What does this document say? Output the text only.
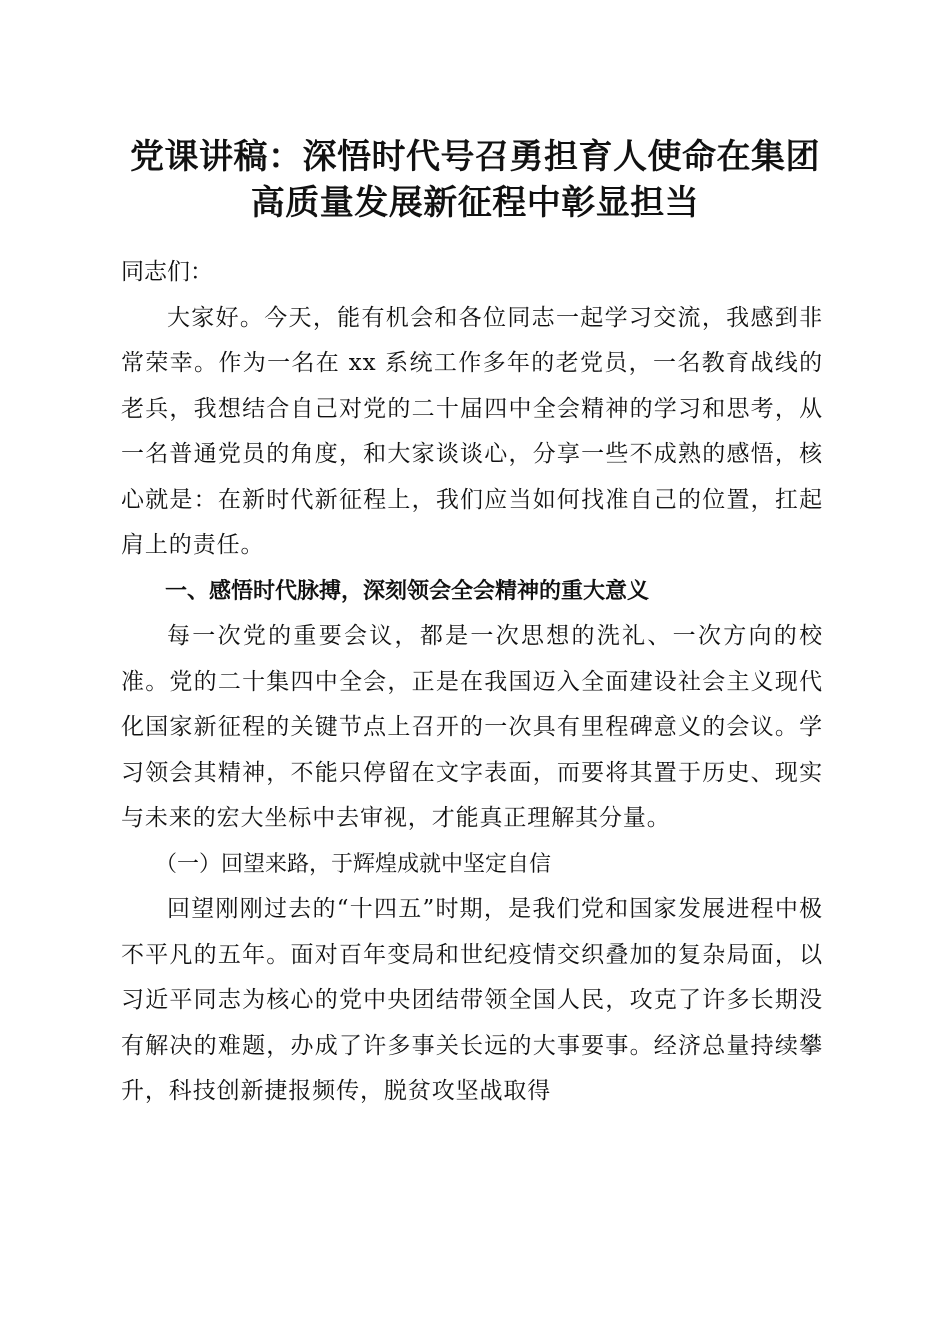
党课讲稿：深悟时代号召勇担育人使命在集团
高质量发展新征程中彰显担当
同志们：

大家好。今天，能有机会和各位同志一起学习交流，我感到非常荣幸。作为一名在 xx 系统工作多年的老党员，一名教育战线的老兵，我想结合自己对党的二十届四中全会精神的学习和思考，从一名普通党员的角度，和大家谈谈心，分享一些不成熟的感悟，核心就是：在新时代新征程上，我们应当如何找准自己的位置，扛起肩上的责任。

一、感悟时代脉搏，深刻领会全会精神的重大意义

每一次党的重要会议，都是一次思想的洗礼、一次方向的校准。党的二十集四中全会，正是在我国迈入全面建设社会主义现代化国家新征程的关键节点上召开的一次具有里程碑意义的会议。学习领会其精神，不能只停留在文字表面，而要将其置于历史、现实与未来的宏大坐标中去审视，才能真正理解其分量。

（一）回望来路，于辉煌成就中坚定自信

回望刚刚过去的“十四五”时期，是我们党和国家发展进程中极不平凡的五年。面对百年变局和世纪疫情交织叠加的复杂局面，以习近平同志为核心的党中央团结带领全国人民，攻克了许多长期没有解决的难题，办成了许多事关长远的大事要事。经济总量持续攀升，科技创新捷报频传，脱贫攻坚战取得
